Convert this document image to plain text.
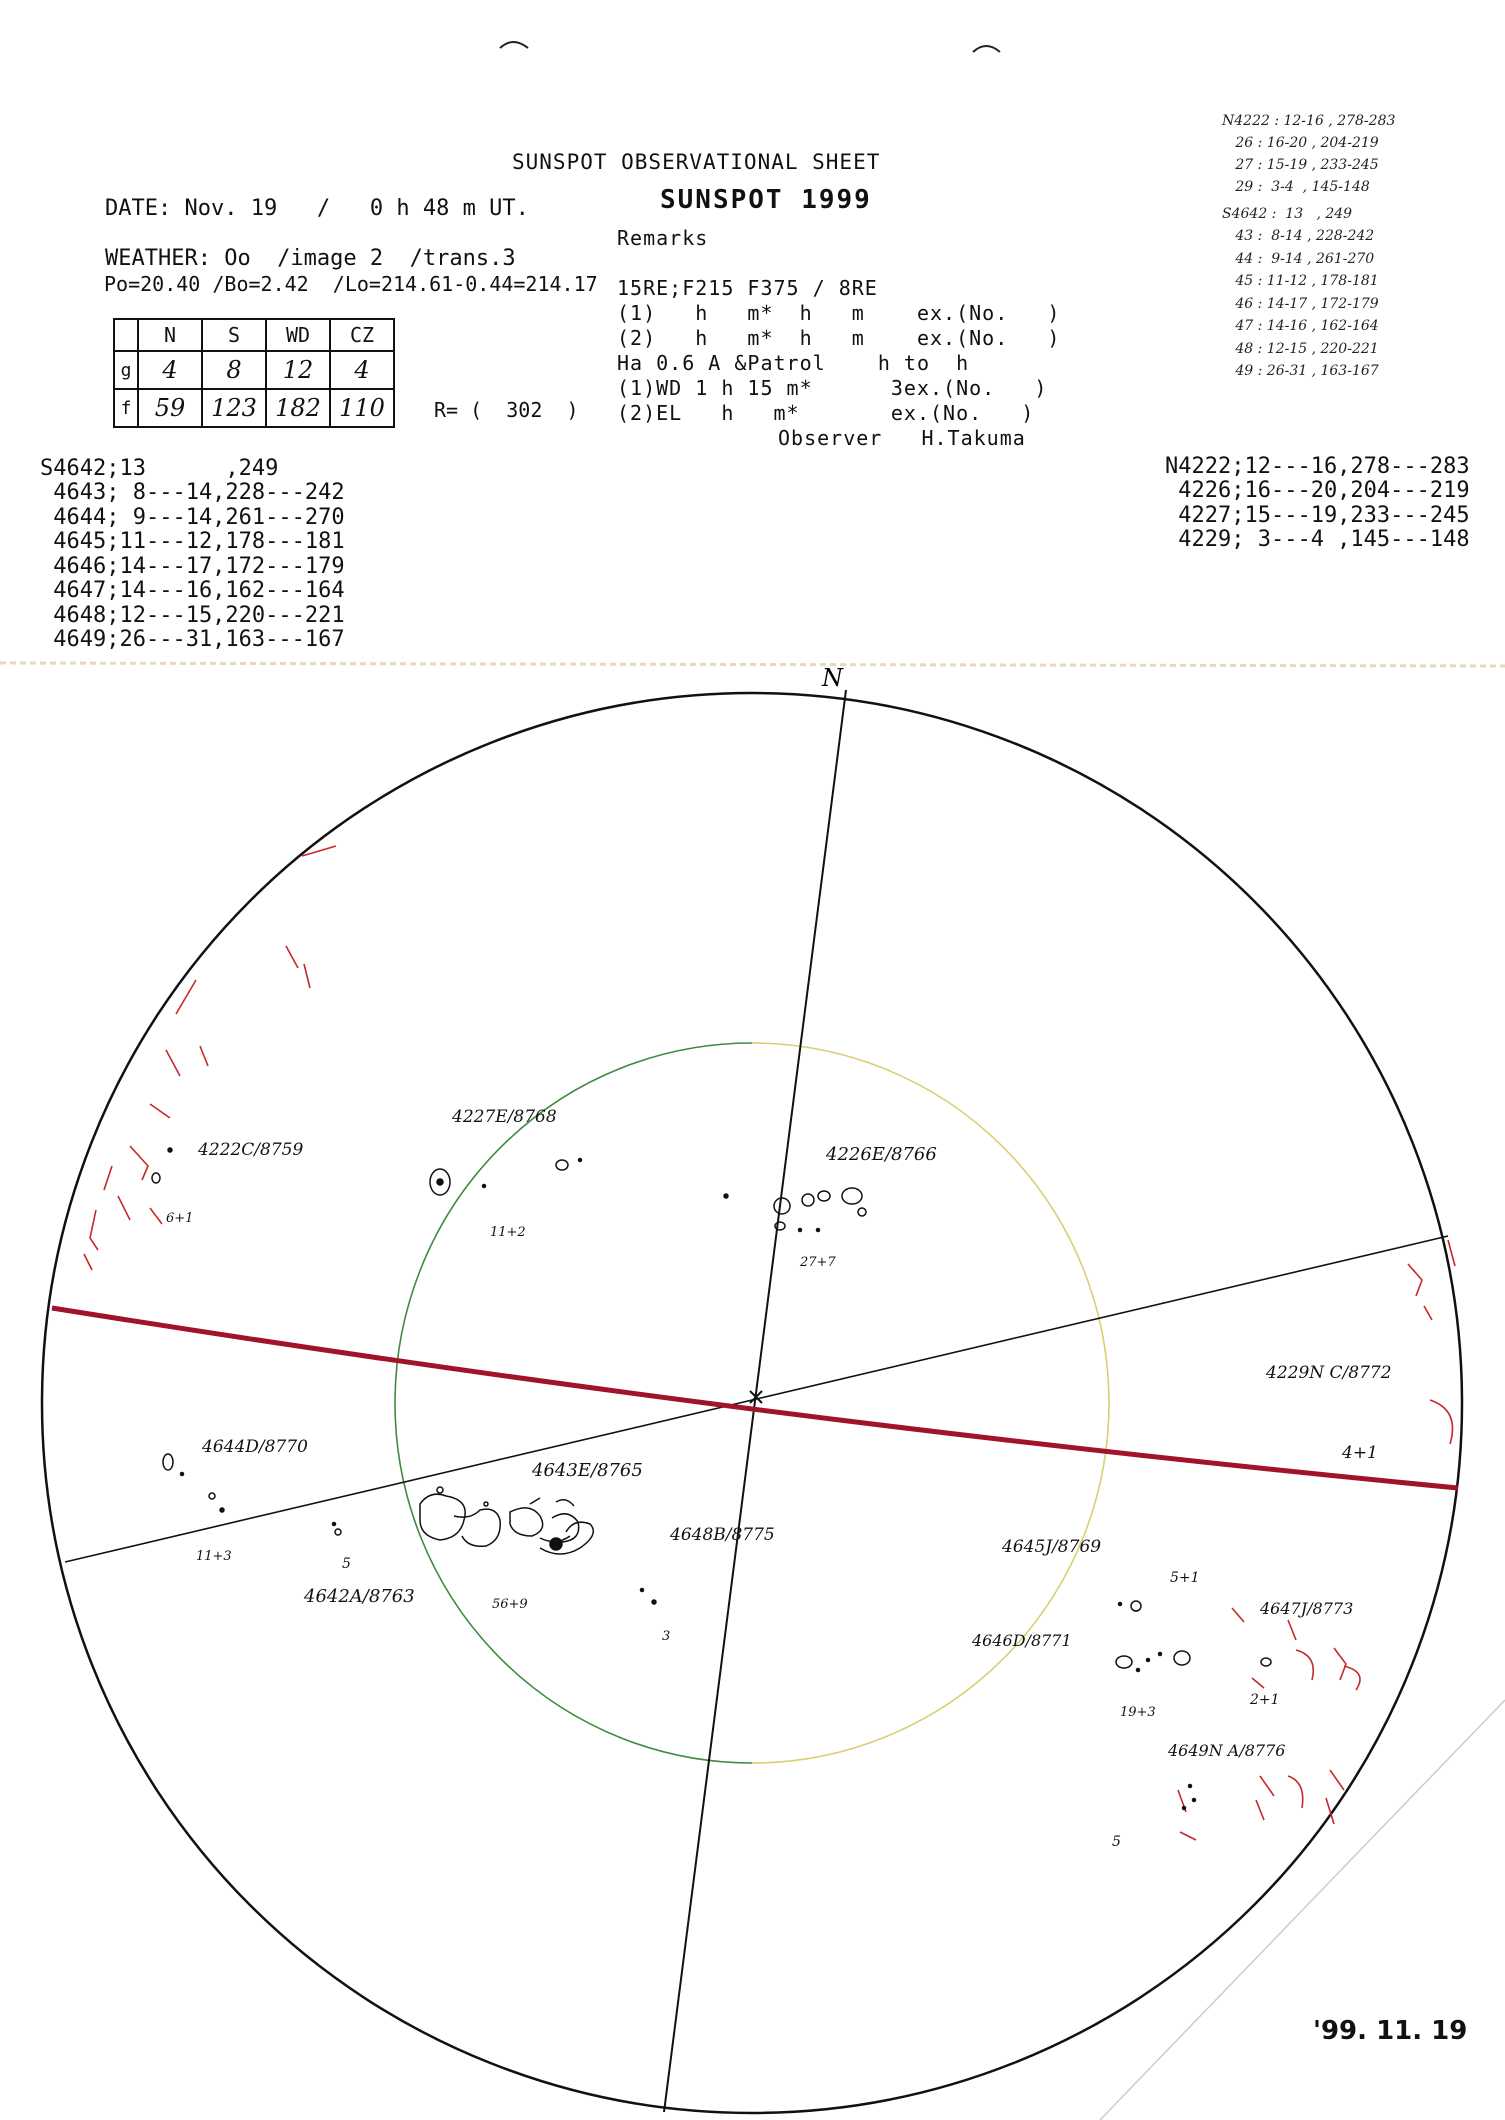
SUNSPOT OBSERVATIONAL SHEET
SUNSPOT 1999
DATE: Nov. 19   /   0 h 48 m UT.
WEATHER: Oo  /image 2  /trans.3
Po=20.40 /Bo=2.42  /Lo=214.61-0.44=214.17
	N	S	WD	CZ
g	4	8	12	4
f	59	123	182	110 R= (  302  )
Remarks
15RE;F215 F375 / 8RE
(1)   h   m*  h   m    ex.(No.   )
(2)   h   m*  h   m    ex.(No.   )
Ha 0.6 A &Patrol    h to  h
(1)WD 1 h 15 m*      3ex.(No.   )
(2)EL   h   m*       ex.(No.   )
Observer   H.Takuma

S4642;13      ,249
4643; 8---14,228---242
4644; 9---14,261---270
4645;11---12,178---181
4646;14---17,172---179
4647;14---16,162---164
4648;12---15,220---221
4649;26---31,163---167

N4222;12---16,278---283
4226;16---20,204---219
4227;15---19,233---245
4229; 3---4 ,145---148

N4222 : 12-16 , 278-283
26 : 16-20 , 204-219
27 : 15-19 , 233-245
29 :  3-4  , 145-148

S4642 :  13   , 249
43 :  8-14 , 228-242
44 :  9-14 , 261-270
45 : 11-12 , 178-181
46 : 14-17 , 172-179
47 : 14-16 , 162-164
48 : 12-15 , 220-221
49 : 26-31 , 163-167

N
4222C/8759
6+1
4227E/8768
11+2
4226E/8766
27+7
4229N C/8772
4+1
4644D/8770
11+3
4643E/8765
56+9
4642A/8763
5
4648B/8775
3
4645J/8769
5+1
4647J/8773
2+1
4646D/8771
19+3
4649N A/8776
5
'99. 11. 19
